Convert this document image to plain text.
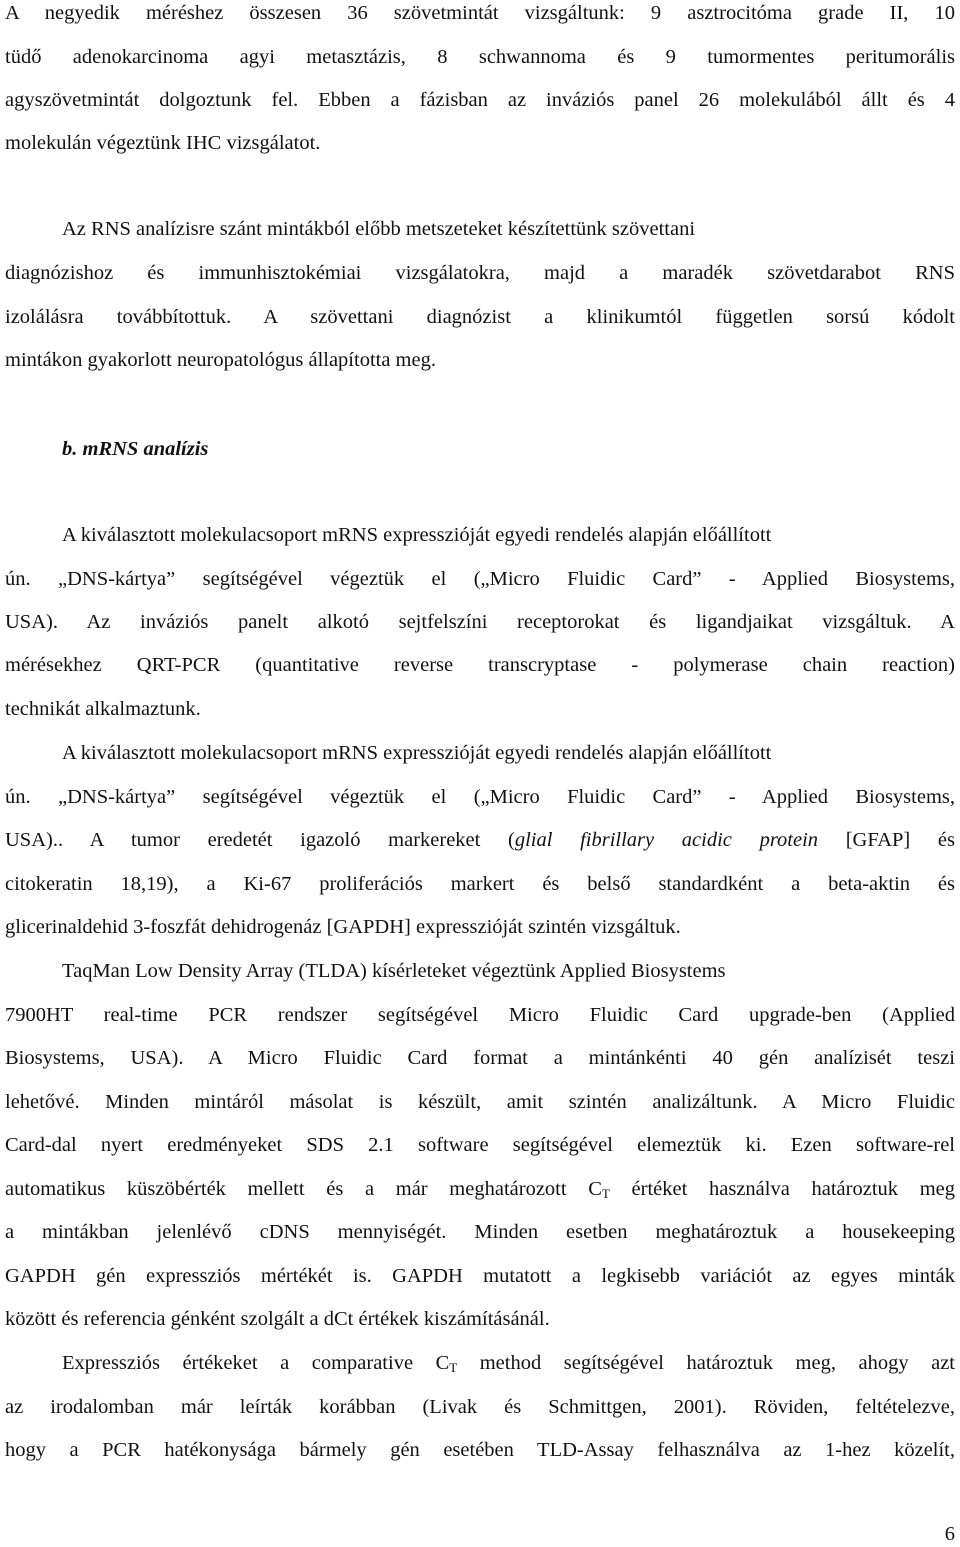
A negyedik méréshez összesen 36 szövetmintát vizsgáltunk: 9 asztrocitóma grade II, 10
tüdő adenokarcinoma agyi metasztázis, 8 schwannoma és 9 tumormentes peritumorális
agyszövetmintát dolgoztunk fel. Ebben a fázisban az inváziós panel 26 molekulából állt és 4
molekulán végeztünk IHC vizsgálatot.
Az RNS analízisre szánt mintákból előbb metszeteket készítettünk szövettani
diagnózishoz és immunhisztokémiai vizsgálatokra, majd a maradék szövetdarabot RNS
izolálásra továbbítottuk. A szövettani diagnózist a klinikumtól független sorsú kódolt
mintákon gyakorlott neuropatológus állapította meg.
b. mRNS analízis
A kiválasztott molekulacsoport mRNS expresszióját egyedi rendelés alapján előállított
ún. „DNS-kártya” segítségével végeztük el („Micro Fluidic Card” - Applied Biosystems,
USA). Az inváziós panelt alkotó sejtfelszíni receptorokat és ligandjaikat vizsgáltuk. A
mérésekhez QRT-PCR (quantitative reverse transcryptase - polymerase chain reaction)
technikát alkalmaztunk.
A kiválasztott molekulacsoport mRNS expresszióját egyedi rendelés alapján előállított
ún. „DNS-kártya” segítségével végeztük el („Micro Fluidic Card” - Applied Biosystems,
USA).. A tumor eredetét igazoló markereket (glial fibrillary acidic protein [GFAP] és
citokeratin 18,19), a Ki-67 proliferációs markert és belső standardként a beta-aktin és
glicerinaldehid 3-foszfát dehidrogenáz [GAPDH] expresszióját szintén vizsgáltuk.
TaqMan Low Density Array (TLDA) kísérleteket végeztünk Applied Biosystems
7900HT real-time PCR rendszer segítségével Micro Fluidic Card upgrade-ben (Applied
Biosystems, USA). A Micro Fluidic Card format a mintánkénti 40 gén analízisét teszi
lehetővé. Minden mintáról másolat is készült, amit szintén analizáltunk. A Micro Fluidic
Card-dal nyert eredményeket SDS 2.1 software segítségével elemeztük ki. Ezen software-rel
automatikus küszöbérték mellett és a már meghatározott $C_T$ értéket használva határoztuk meg
a mintákban jelenlévő cDNS mennyiségét. Minden esetben meghatároztuk a housekeeping
GAPDH gén expressziós mértékét is. GAPDH mutatott a legkisebb variációt az egyes minták
között és referencia génként szolgált a dCt értékek kiszámításánál.
Expressziós értékeket a comparative $C_T$ method segítségével határoztuk meg, ahogy azt
az irodalomban már leírták korábban (Livak és Schmittgen, 2001). Röviden, feltételezve,
hogy a PCR hatékonysága bármely gén esetében TLD-Assay felhasználva az 1-hez közelít,
6
